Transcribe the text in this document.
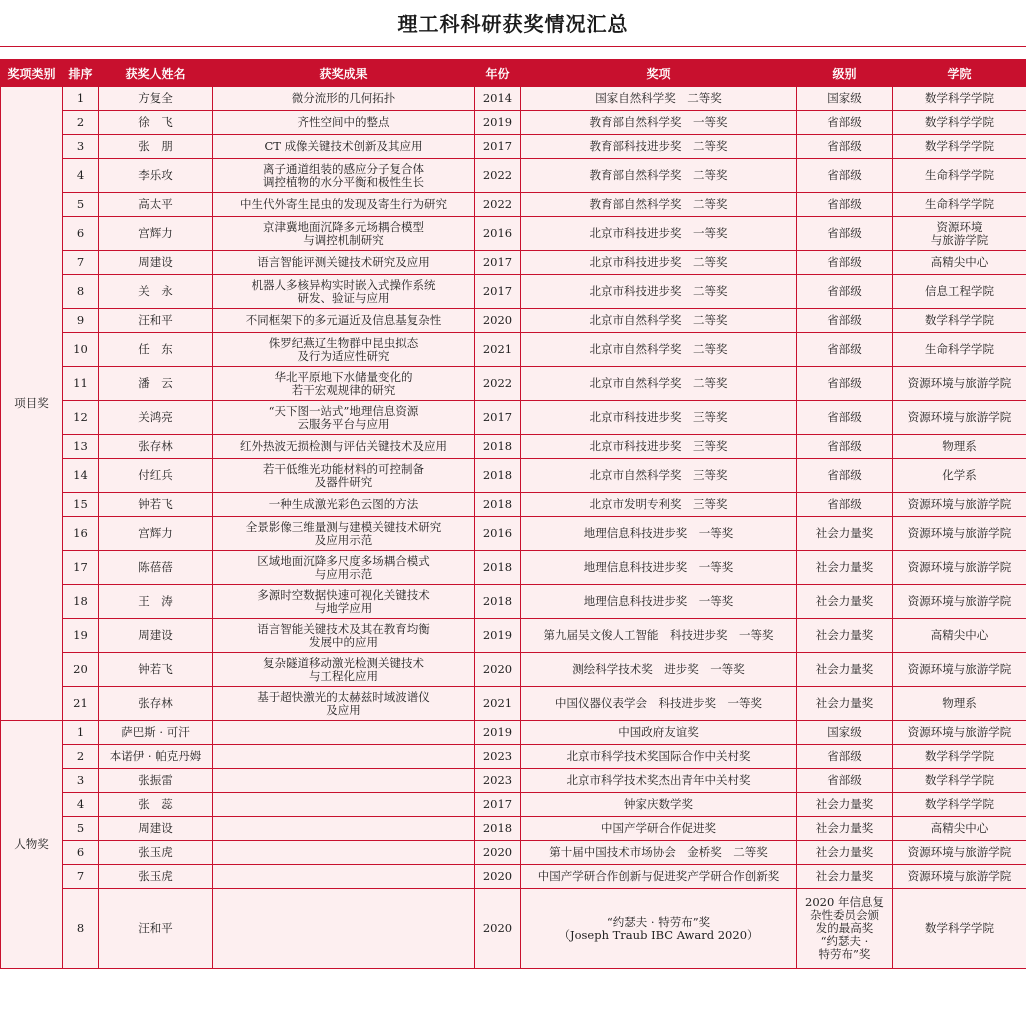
理工科科研获奖情况汇总
奖项类别	排序	获奖人姓名	获奖成果	年份	奖项	级别	学院
项目奖	1	方复全	微分流形的几何拓扑	2014	国家自然科学奖　二等奖	国家级	数学科学学院
	2	徐　飞	齐性空间中的整点	2019	教育部自然科学奖　一等奖	省部级	数学科学学院
	3	张　朋	CT 成像关键技术创新及其应用	2017	教育部科技进步奖　二等奖	省部级	数学科学学院
	4	李乐攻	离子通道组装的感应分子复合体
调控植物的水分平衡和极性生长	2022	教育部自然科学奖　二等奖	省部级	生命科学学院
	5	高太平	中生代外寄生昆虫的发现及寄生行为研究	2022	教育部自然科学奖　二等奖	省部级	生命科学学院
	6	宫辉力	京津冀地面沉降多元场耦合模型
与调控机制研究	2016	北京市科技进步奖　一等奖	省部级	资源环境
与旅游学院
	7	周建设	语言智能评测关键技术研究及应用	2017	北京市科技进步奖　二等奖	省部级	高精尖中心
	8	关　永	机器人多核异构实时嵌入式操作系统
研发、验证与应用	2017	北京市科技进步奖　二等奖	省部级	信息工程学院
	9	汪和平	不同框架下的多元逼近及信息基复杂性	2020	北京市自然科学奖　二等奖	省部级	数学科学学院
	10	任　东	侏罗纪燕辽生物群中昆虫拟态
及行为适应性研究	2021	北京市自然科学奖　二等奖	省部级	生命科学学院
	11	潘　云	华北平原地下水储量变化的
若干宏观规律的研究	2022	北京市自然科学奖　二等奖	省部级	资源环境与旅游学院
	12	关鸿亮	“天下图一站式”地理信息资源
云服务平台与应用	2017	北京市科技进步奖　三等奖	省部级	资源环境与旅游学院
	13	张存林	红外热波无损检测与评估关键技术及应用	2018	北京市科技进步奖　三等奖	省部级	物理系
	14	付红兵	若干低维光功能材料的可控制备
及器件研究	2018	北京市自然科学奖　三等奖	省部级	化学系
	15	钟若飞	一种生成激光彩色云图的方法	2018	北京市发明专利奖　三等奖	省部级	资源环境与旅游学院
	16	宫辉力	全景影像三维量测与建模关键技术研究
及应用示范	2016	地理信息科技进步奖　一等奖	社会力量奖	资源环境与旅游学院
	17	陈蓓蓓	区域地面沉降多尺度多场耦合模式
与应用示范	2018	地理信息科技进步奖　一等奖	社会力量奖	资源环境与旅游学院
	18	王　涛	多源时空数据快速可视化关键技术
与地学应用	2018	地理信息科技进步奖　一等奖	社会力量奖	资源环境与旅游学院
	19	周建设	语言智能关键技术及其在教育均衡
发展中的应用	2019	第九届吴文俊人工智能　科技进步奖　一等奖	社会力量奖	高精尖中心
	20	钟若飞	复杂隧道移动激光检测关键技术
与工程化应用	2020	测绘科学技术奖　进步奖　一等奖	社会力量奖	资源环境与旅游学院
	21	张存林	基于超快激光的太赫兹时域波谱仪
及应用	2021	中国仪器仪表学会　科技进步奖　一等奖	社会力量奖	物理系
人物奖	1	萨巴斯 · 可汗		2019	中国政府友谊奖	国家级	资源环境与旅游学院
	2	本诺伊 · 帕克丹姆		2023	北京市科学技术奖国际合作中关村奖	省部级	数学科学学院
	3	张振雷		2023	北京市科学技术奖杰出青年中关村奖	省部级	数学科学学院
	4	张　蕊		2017	钟家庆数学奖	社会力量奖	数学科学学院
	5	周建设		2018	中国产学研合作促进奖	社会力量奖	高精尖中心
	6	张玉虎		2020	第十届中国技术市场协会　金桥奖　二等奖	社会力量奖	资源环境与旅游学院
	7	张玉虎		2020	中国产学研合作创新与促进奖产学研合作创新奖	社会力量奖	资源环境与旅游学院
	8	汪和平		2020	“约瑟夫 · 特劳布”奖
（Joseph Traub IBC Award 2020）	2020 年信息复
杂性委员会颁
发的最高奖
“约瑟夫 ·
特劳布”奖	数学科学学院
